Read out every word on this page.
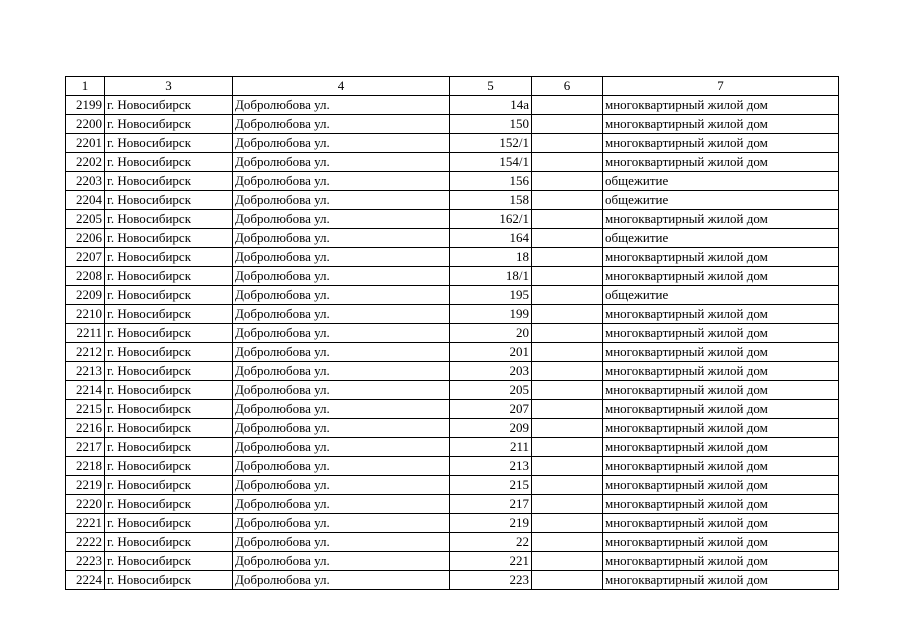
1	3	4	5	6	7
2199	г. Новосибирск	Добролюбова ул.	14а		многоквартирный жилой дом
2200	г. Новосибирск	Добролюбова ул.	150		многоквартирный жилой дом
2201	г. Новосибирск	Добролюбова ул.	152/1		многоквартирный жилой дом
2202	г. Новосибирск	Добролюбова ул.	154/1		многоквартирный жилой дом
2203	г. Новосибирск	Добролюбова ул.	156		общежитие
2204	г. Новосибирск	Добролюбова ул.	158		общежитие
2205	г. Новосибирск	Добролюбова ул.	162/1		многоквартирный жилой дом
2206	г. Новосибирск	Добролюбова ул.	164		общежитие
2207	г. Новосибирск	Добролюбова ул.	18		многоквартирный жилой дом
2208	г. Новосибирск	Добролюбова ул.	18/1		многоквартирный жилой дом
2209	г. Новосибирск	Добролюбова ул.	195		общежитие
2210	г. Новосибирск	Добролюбова ул.	199		многоквартирный жилой дом
2211	г. Новосибирск	Добролюбова ул.	20		многоквартирный жилой дом
2212	г. Новосибирск	Добролюбова ул.	201		многоквартирный жилой дом
2213	г. Новосибирск	Добролюбова ул.	203		многоквартирный жилой дом
2214	г. Новосибирск	Добролюбова ул.	205		многоквартирный жилой дом
2215	г. Новосибирск	Добролюбова ул.	207		многоквартирный жилой дом
2216	г. Новосибирск	Добролюбова ул.	209		многоквартирный жилой дом
2217	г. Новосибирск	Добролюбова ул.	211		многоквартирный жилой дом
2218	г. Новосибирск	Добролюбова ул.	213		многоквартирный жилой дом
2219	г. Новосибирск	Добролюбова ул.	215		многоквартирный жилой дом
2220	г. Новосибирск	Добролюбова ул.	217		многоквартирный жилой дом
2221	г. Новосибирск	Добролюбова ул.	219		многоквартирный жилой дом
2222	г. Новосибирск	Добролюбова ул.	22		многоквартирный жилой дом
2223	г. Новосибирск	Добролюбова ул.	221		многоквартирный жилой дом
2224	г. Новосибирск	Добролюбова ул.	223		многоквартирный жилой дом
